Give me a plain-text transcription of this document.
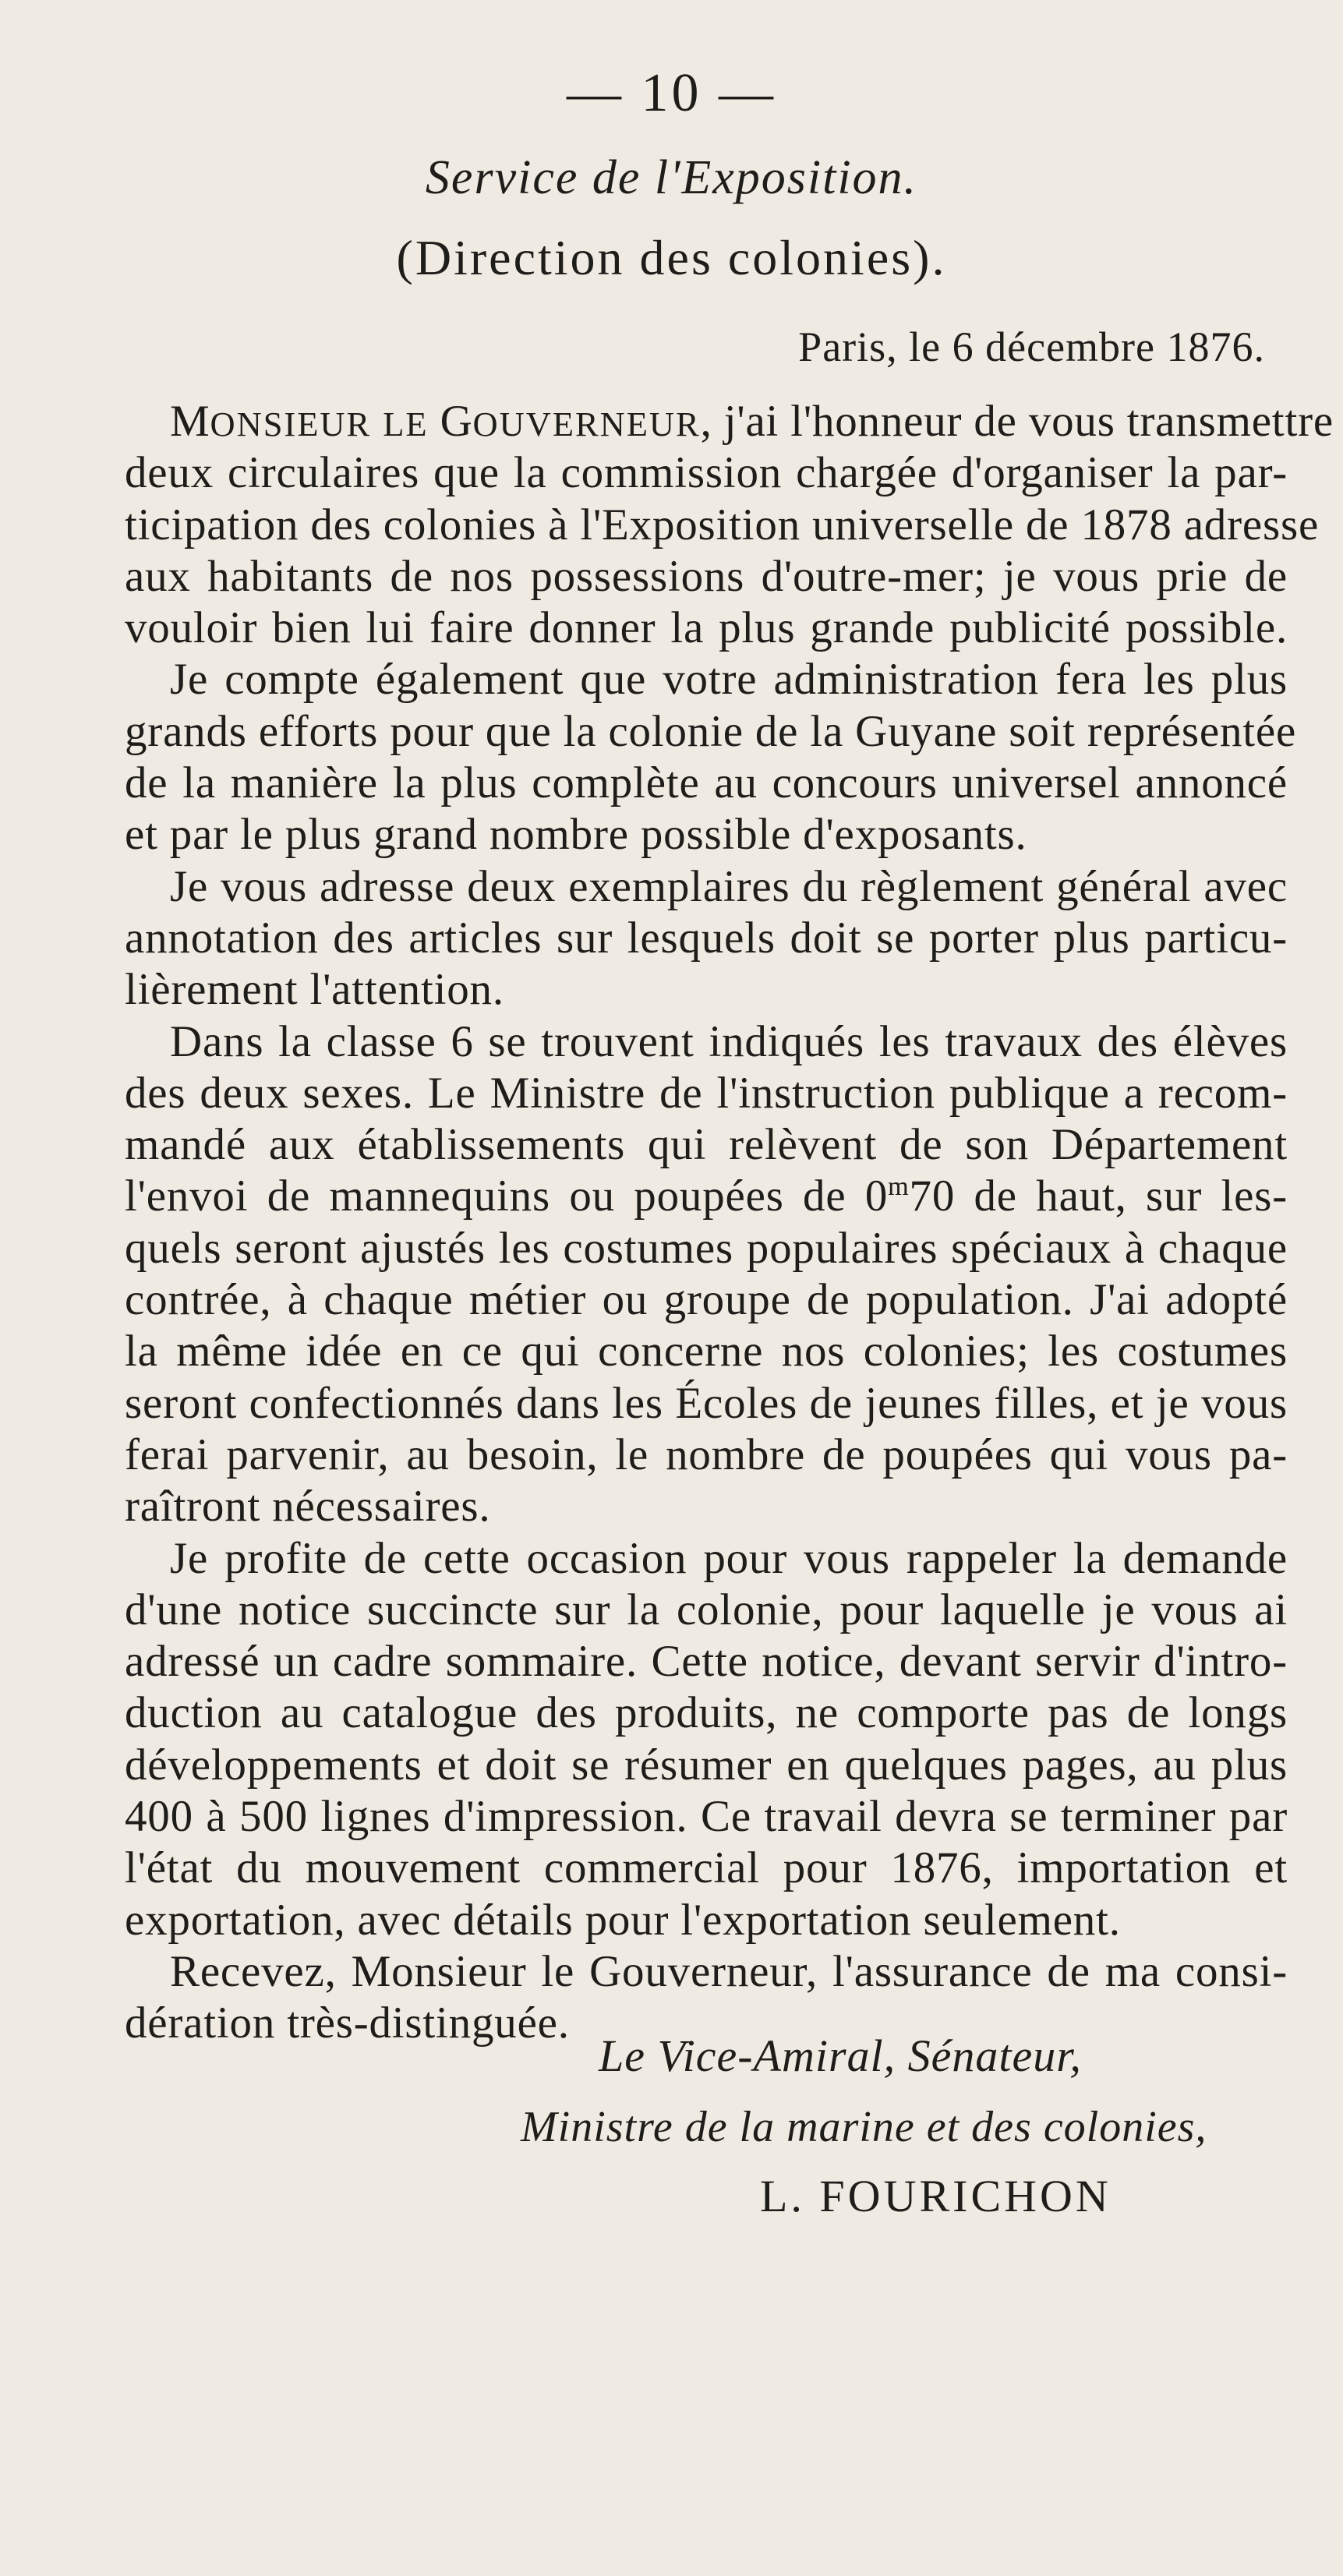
— 10 —
Service de l'Exposition.
(Direction des colonies).
Paris, le 6 décembre 1876.
MONSIEUR LE GOUVERNEUR, j'ai l'honneur de vous transmettre
deux circulaires que la commission chargée d'organiser la par-
ticipation des colonies à l'Exposition universelle de 1878 adresse
aux habitants de nos possessions d'outre-mer; je vous prie de
vouloir bien lui faire donner la plus grande publicité possible.
Je compte également que votre administration fera les plus
grands efforts pour que la colonie de la Guyane soit représentée
de la manière la plus complète au concours universel annoncé
et par le plus grand nombre possible d'exposants.
Je vous adresse deux exemplaires du règlement général avec
annotation des articles sur lesquels doit se porter plus particu-
lièrement l'attention.
Dans la classe 6 se trouvent indiqués les travaux des élèves
des deux sexes. Le Ministre de l'instruction publique a recom-
mandé aux établissements qui relèvent de son Département
l'envoi de mannequins ou poupées de 0$^m$70 de haut, sur les-
quels seront ajustés les costumes populaires spéciaux à chaque
contrée, à chaque métier ou groupe de population. J'ai adopté
la même idée en ce qui concerne nos colonies; les costumes
seront confectionnés dans les Écoles de jeunes filles, et je vous
ferai parvenir, au besoin, le nombre de poupées qui vous pa-
raîtront nécessaires.
Je profite de cette occasion pour vous rappeler la demande
d'une notice succincte sur la colonie, pour laquelle je vous ai
adressé un cadre sommaire. Cette notice, devant servir d'intro-
duction au catalogue des produits, ne comporte pas de longs
développements et doit se résumer en quelques pages, au plus
400 à 500 lignes d'impression. Ce travail devra se terminer par
l'état du mouvement commercial pour 1876, importation et
exportation, avec détails pour l'exportation seulement.
Recevez, Monsieur le Gouverneur, l'assurance de ma consi-
dération très-distinguée.
Le Vice-Amiral, Sénateur,
Ministre de la marine et des colonies,
L. FOURICHON
